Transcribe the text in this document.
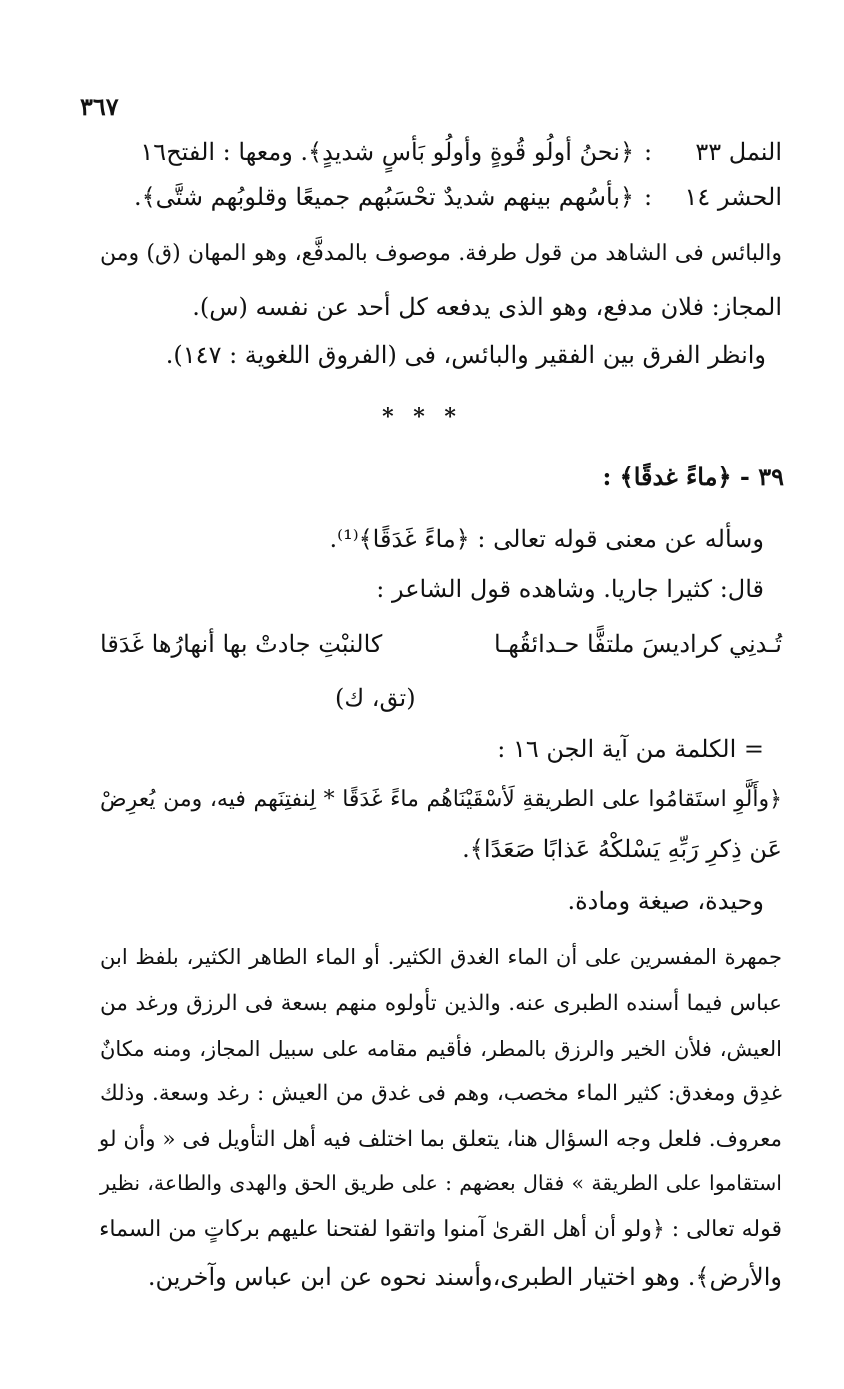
٣٦٧
النمل ٣٣:﴿نحنُ أولُو قُوةٍ وأولُو بَأسٍ شديدٍ﴾. ومعها : الفتح١٦
الحشر ١٤:﴿بأسُهم بينهم شديدٌ تحْسَبُهم جميعًا وقلوبُهم شتَّى﴾.
والبائس فى الشاهد من قول طرفة. موصوف بالمدفَّع، وهو المهان (ق) ومن
المجاز: فلان مدفع، وهو الذى يدفعه كل أحد عن نفسه (س).
وانظر الفرق بين الفقير والبائس، فى (الفروق اللغوية : ١٤٧).
* * *
٣٩ - ﴿ماءً غدقًا﴾ :
وسأله عن معنى قوله تعالى : ﴿ماءً غَدَقًا﴾⁽¹⁾.
قال: كثيرا جاريا. وشاهده قول الشاعر :
تُـدنِي كراديسَ ملتفًّا حـدائقُهـا
كالنبْتِ جادتْ بها أنهارُها غَدَقا
(تق، ك)
= الكلمة من آية الجن ١٦ :
﴿وأَلَّوِ استَقامُوا على الطريقةِ لَأسْقَيْنَاهُم ماءً غَدَقًا * لِنفتِنَهم فيه، ومن يُعرِضْ
عَن ذِكرِ رَبِّهِ يَسْلكْهُ عَذابًا صَعَدًا﴾.
وحيدة، صيغة ومادة.
جمهرة المفسرين على أن الماء الغدق الكثير. أو الماء الطاهر الكثير، بلفظ ابن
عباس فيما أسنده الطبرى عنه. والذين تأولوه منهم بسعة فى الرزق ورغد من
العيش، فلأن الخير والرزق بالمطر، فأقيم مقامه على سبيل المجاز، ومنه مكانٌ
غدِق ومغدق: كثير الماء مخصب، وهم فى غدق من العيش : رغد وسعة. وذلك
معروف. فلعل وجه السؤال هنا، يتعلق بما اختلف فيه أهل التأويل فى « وأن لو
استقاموا على الطريقة » فقال بعضهم : على طريق الحق والهدى والطاعة، نظير
قوله تعالى : ﴿ولو أن أهل القرىٰ آمنوا واتقوا لفتحنا عليهم بركاتٍ من السماء
والأرض﴾. وهو اختيار الطبرى،وأسند نحوه عن ابن عباس وآخرين.
